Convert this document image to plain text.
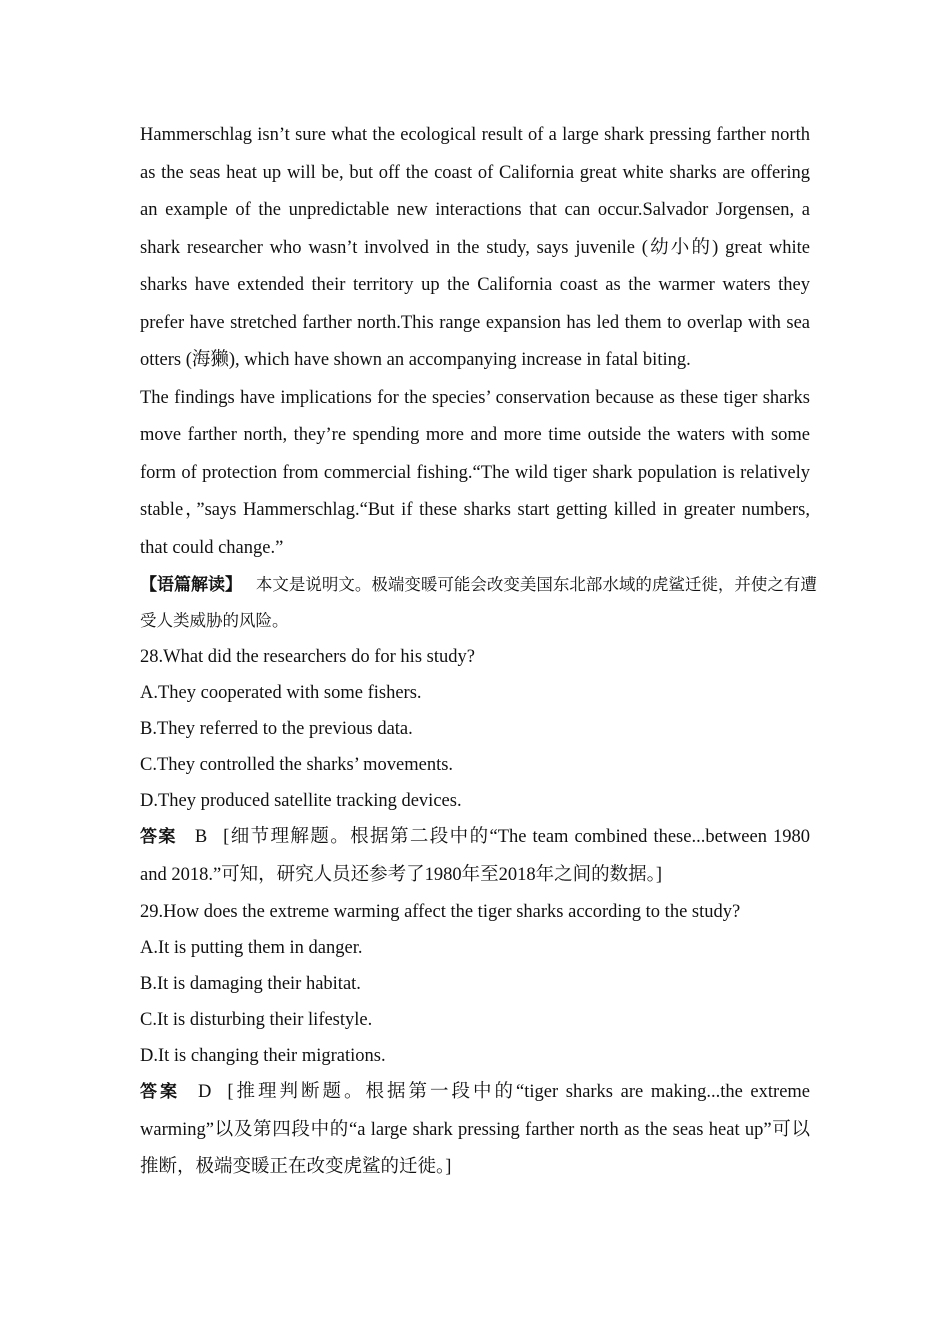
Hammerschlag isn’t sure what the ecological result of a large shark pressing farther north as the seas heat up will be, but off the coast of California great white sharks are offering an example of the unpredictable new interactions that can occur.Salvador Jorgensen, a shark researcher who wasn’t involved in the study, says juvenile (幼小的) great white sharks have extended their territory up the California coast as the warmer waters they prefer have stretched farther north.This range expansion has led them to overlap with sea otters (海獭), which have shown an accompanying increase in fatal biting.

The findings have implications for the species’ conservation because as these tiger sharks move farther north, they’re spending more and more time outside the waters with some form of protection from commercial fishing.“The wild tiger shark population is relatively stable，”says Hammerschlag.“But if these sharks start getting killed in greater numbers, that could change.”

【语篇解读】 本文是说明文。极端变暖可能会改变美国东北部水域的虎鲨迁徙，并使之有遭受人类威胁的风险。

28.What did the researchers do for his study?

A.They cooperated with some fishers.

B.They referred to the previous data.

C.They controlled the sharks’ movements.

D.They produced satellite tracking devices.

答案 B [细节理解题。根据第二段中的“The team combined these...between 1980 and 2018.”可知，研究人员还参考了1980年至2018年之间的数据。]

29.How does the extreme warming affect the tiger sharks according to the study?

A.It is putting them in danger.

B.It is damaging their habitat.

C.It is disturbing their lifestyle.

D.It is changing their migrations.

答案 D [推理判断题。根据第一段中的“tiger sharks are making...the extreme warming”以及第四段中的“a large shark pressing farther north as the seas heat up”可以推断，极端变暖正在改变虎鲨的迁徙。]
